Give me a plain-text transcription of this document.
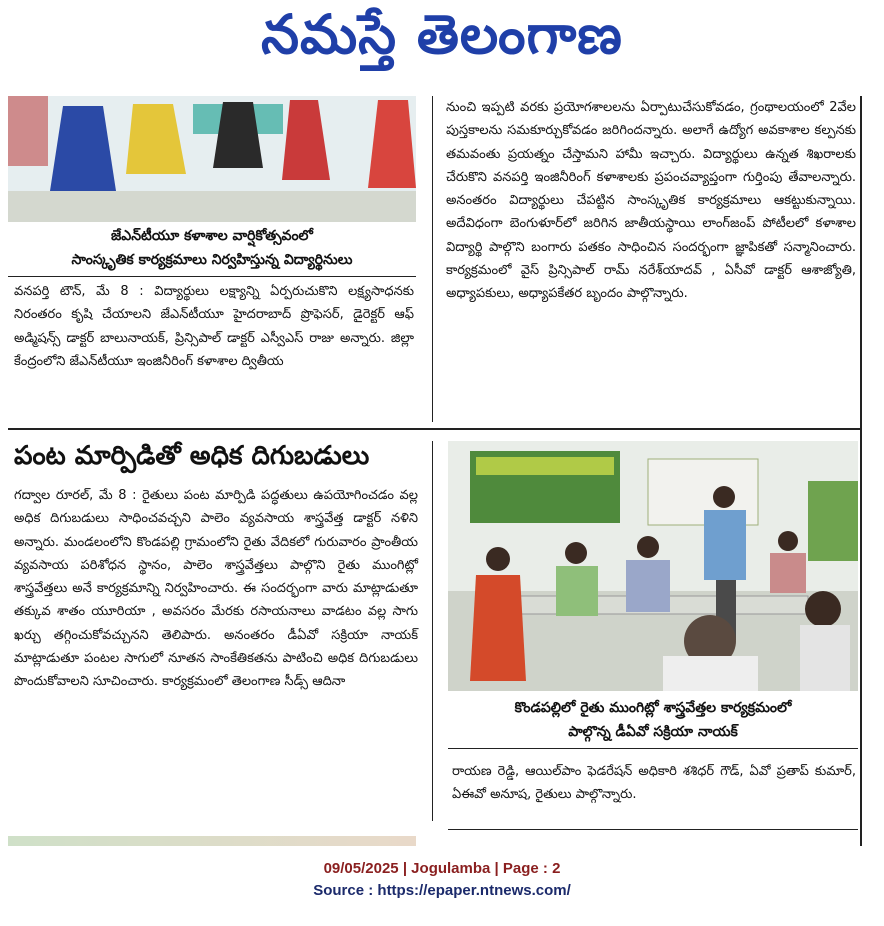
నమస్తే తెలంగాణ
జేఎన్‌టీయూ కళాశాల వార్షికోత్సవంలో
సాంస్కృతిక కార్యక్రమాలు నిర్వహిస్తున్న విద్యార్థినులు
వనపర్తి టౌన్, మే 8 : విద్యార్థులు లక్ష్యాన్ని ఏర్పరుచుకొని లక్ష్యసాధనకు నిరంతరం కృషి చేయాలని జేఎన్‌టీయూ హైదరాబాద్ ప్రొఫెసర్, డైరెక్టర్ ఆఫ్ అడ్మిషన్స్ డాక్టర్ బాలునాయక్, ప్రిన్సిపాల్ డాక్టర్ ఎస్వీఎస్ రాజు అన్నారు. జిల్లా కేంద్రంలోని జేఎన్‌టీయూ ఇంజినీరింగ్ కళాశాల ద్వితీయ
నుంచి ఇప్పటి వరకు ప్రయోగశాలలను ఏర్పాటుచేసుకోవడం, గ్రంథాలయంలో 2వేల పుస్తకాలను సమకూర్చుకోవడం జరిగిందన్నారు. అలాగే ఉద్యోగ అవకాశాల కల్పనకు తమవంతు ప్రయత్నం చేస్తామని హామీ ఇచ్చారు. విద్యార్థులు ఉన్నత శిఖరాలకు చేరుకొని వనపర్తి ఇంజినీరింగ్ కళాశాలకు ప్రపంచవ్యాప్తంగా గుర్తింపు తేవాలన్నారు. అనంతరం విద్యార్థులు చేపట్టిన సాంస్కృతిక కార్యక్రమాలు ఆకట్టుకున్నాయి. అదేవిధంగా బెంగుళూర్‌లో జరిగిన జాతీయస్థాయి లాంగ్‌జంప్ పోటీలలో కళాశాల విద్యార్థి పాల్గొని బంగారు పతకం సాధించిన సందర్భంగా జ్ఞాపికతో సన్మానించారు. కార్యక్రమంలో వైస్ ప్రిన్సిపాల్ రామ్ నరేశ్‌యాదవ్ , ఏసీవో డాక్టర్ ఆశాజ్యోతి, అధ్యాపకులు, అధ్యాపకేతర బృందం పాల్గొన్నారు.
పంట మార్పిడితో అధిక దిగుబడులు
గద్వాల రూరల్, మే 8 : రైతులు పంట మార్పిడి పద్ధతులు ఉపయోగించడం వల్ల అధిక దిగుబడులు సాధించవచ్చని పాలెం వ్యవసాయ శాస్త్రవేత్త డాక్టర్ నళిని అన్నారు. మండలంలోని కొండపల్లి గ్రామంలోని రైతు వేదికలో గురువారం ప్రాంతీయ వ్యవసాయ పరిశోధన స్థానం, పాలెం శాస్త్రవేత్తలు పాల్గొని రైతు ముంగిట్లో శాస్త్రవేత్తలు అనే కార్యక్రమాన్ని నిర్వహించారు. ఈ సందర్భంగా వారు మాట్లాడుతూ తక్కువ శాతం యూరియా , అవసరం మేరకు రసాయనాలు వాడటం వల్ల సాగు ఖర్చు తగ్గించుకోవచ్చునని తెలిపారు. అనంతరం డీఏవో సక్రియా నాయక్ మాట్లాడుతూ పంటల సాగులో నూతన సాంకేతికతను పాటించి అధిక దిగుబడులు పొందుకోవాలని సూచించారు. కార్యక్రమంలో తెలంగాణ సీడ్స్ ఆదినా
కొండపల్లిలో రైతు ముంగిట్లో శాస్త్రవేత్తల కార్యక్రమంలో
పాల్గొన్న డీఏవో సక్రియా నాయక్
రాయణ రెడ్డి, ఆయిల్‌పాం ఫెడరేషన్ అధికారి శశిధర్ గౌడ్, ఏవో ప్రతాప్ కుమార్, ఏఈవో అనూష, రైతులు పాల్గొన్నారు.
09/05/2025 | Jogulamba | Page : 2
Source : https://epaper.ntnews.com/
